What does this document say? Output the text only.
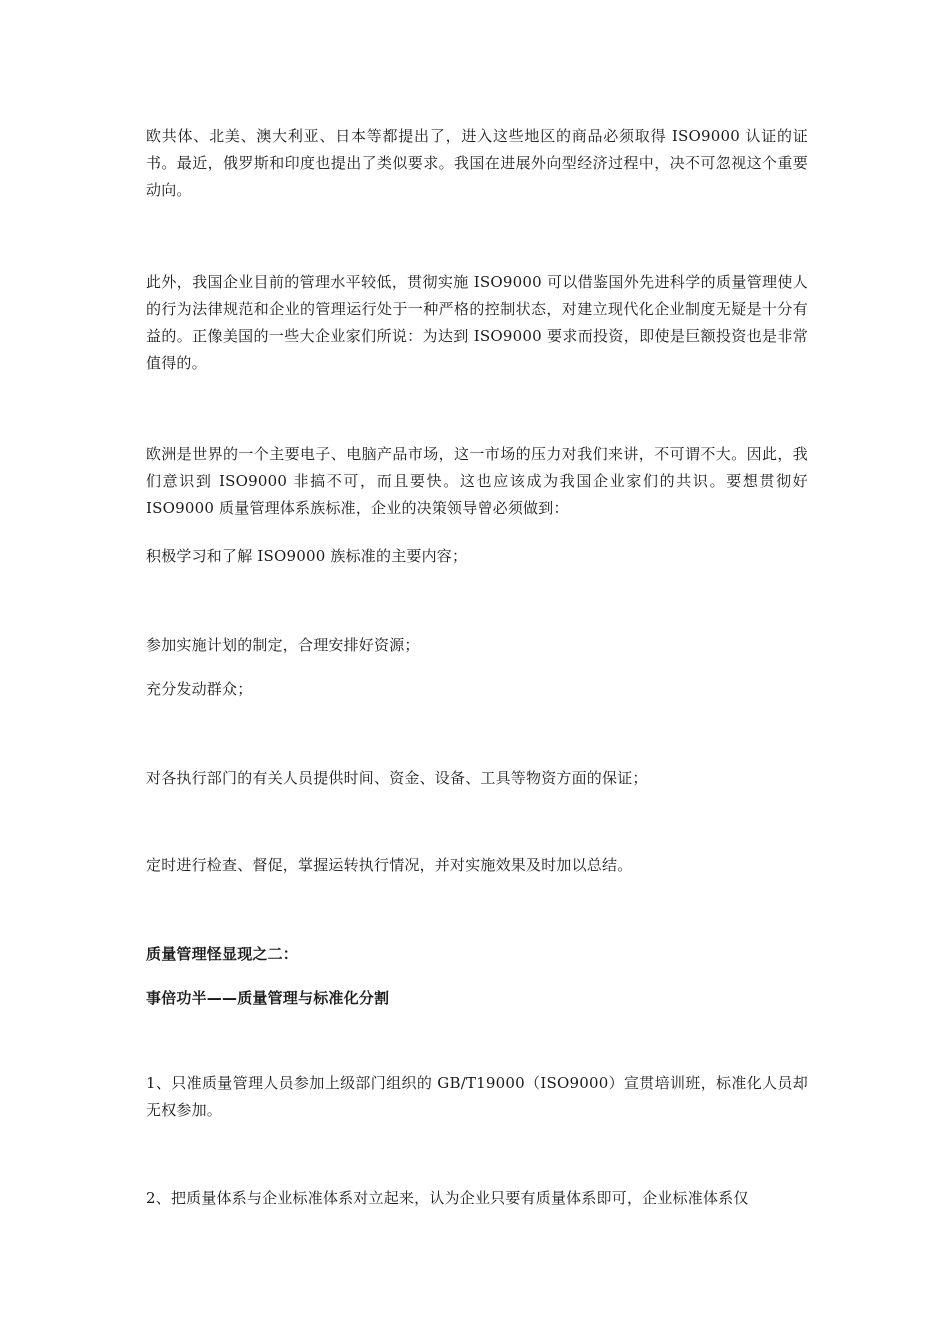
欧共体、北美、澳大利亚、日本等都提出了，进入这些地区的商品必须取得 ISO9000 认证的证书。最近，俄罗斯和印度也提出了类似要求。我国在进展外向型经济过程中，决不可忽视这个重要动向。
此外，我国企业目前的管理水平较低，贯彻实施 ISO9000 可以借鉴国外先进科学的质量管理使人的行为法律规范和企业的管理运行处于一种严格的控制状态，对建立现代化企业制度无疑是十分有益的。正像美国的一些大企业家们所说：为达到 ISO9000 要求而投资，即使是巨额投资也是非常值得的。
欧洲是世界的一个主要电子、电脑产品市场，这一市场的压力对我们来讲，不可谓不大。因此，我们意识到 ISO9000 非搞不可，而且要快。这也应该成为我国企业家们的共识。要想贯彻好 ISO9000 质量管理体系族标准，企业的决策领导曾必须做到：
积极学习和了解 ISO9000 族标准的主要内容；
参加实施计划的制定，合理安排好资源；
充分发动群众；
对各执行部门的有关人员提供时间、资金、设备、工具等物资方面的保证；
定时进行检查、督促，掌握运转执行情况，并对实施效果及时加以总结。
质量管理怪显现之二：
事倍功半——质量管理与标准化分割
1、只准质量管理人员参加上级部门组织的 GB/T19000（ISO9000）宣贯培训班，标准化人员却无权参加。
2、把质量体系与企业标准体系对立起来，认为企业只要有质量体系即可，企业标准体系仅
